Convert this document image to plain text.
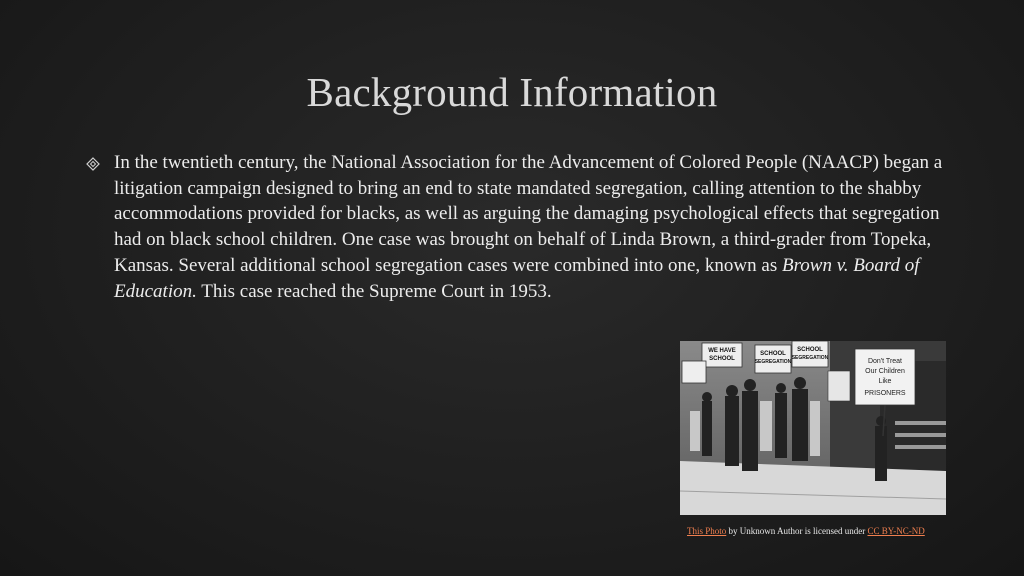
Background Information
In the twentieth century, the National Association for the Advancement of Colored People (NAACP) began a litigation campaign designed to bring an end to state mandated segregation, calling attention to the shabby accommodations provided for blacks, as well as arguing the damaging psychological effects that segregation had on black school children. One case was brought on behalf of Linda Brown, a third-grader from Topeka, Kansas. Several additional school segregation cases were combined into one, known as Brown v. Board of Education. This case reached the Supreme Court in 1953.
WE HAVE
SCHOOL
SCHOOL
SEGREGATION
SCHOOL
SEGREGATION	Don't Treat
Our Children
Like
PRISONERS
This Photo by Unknown Author is licensed under CC BY-NC-ND
